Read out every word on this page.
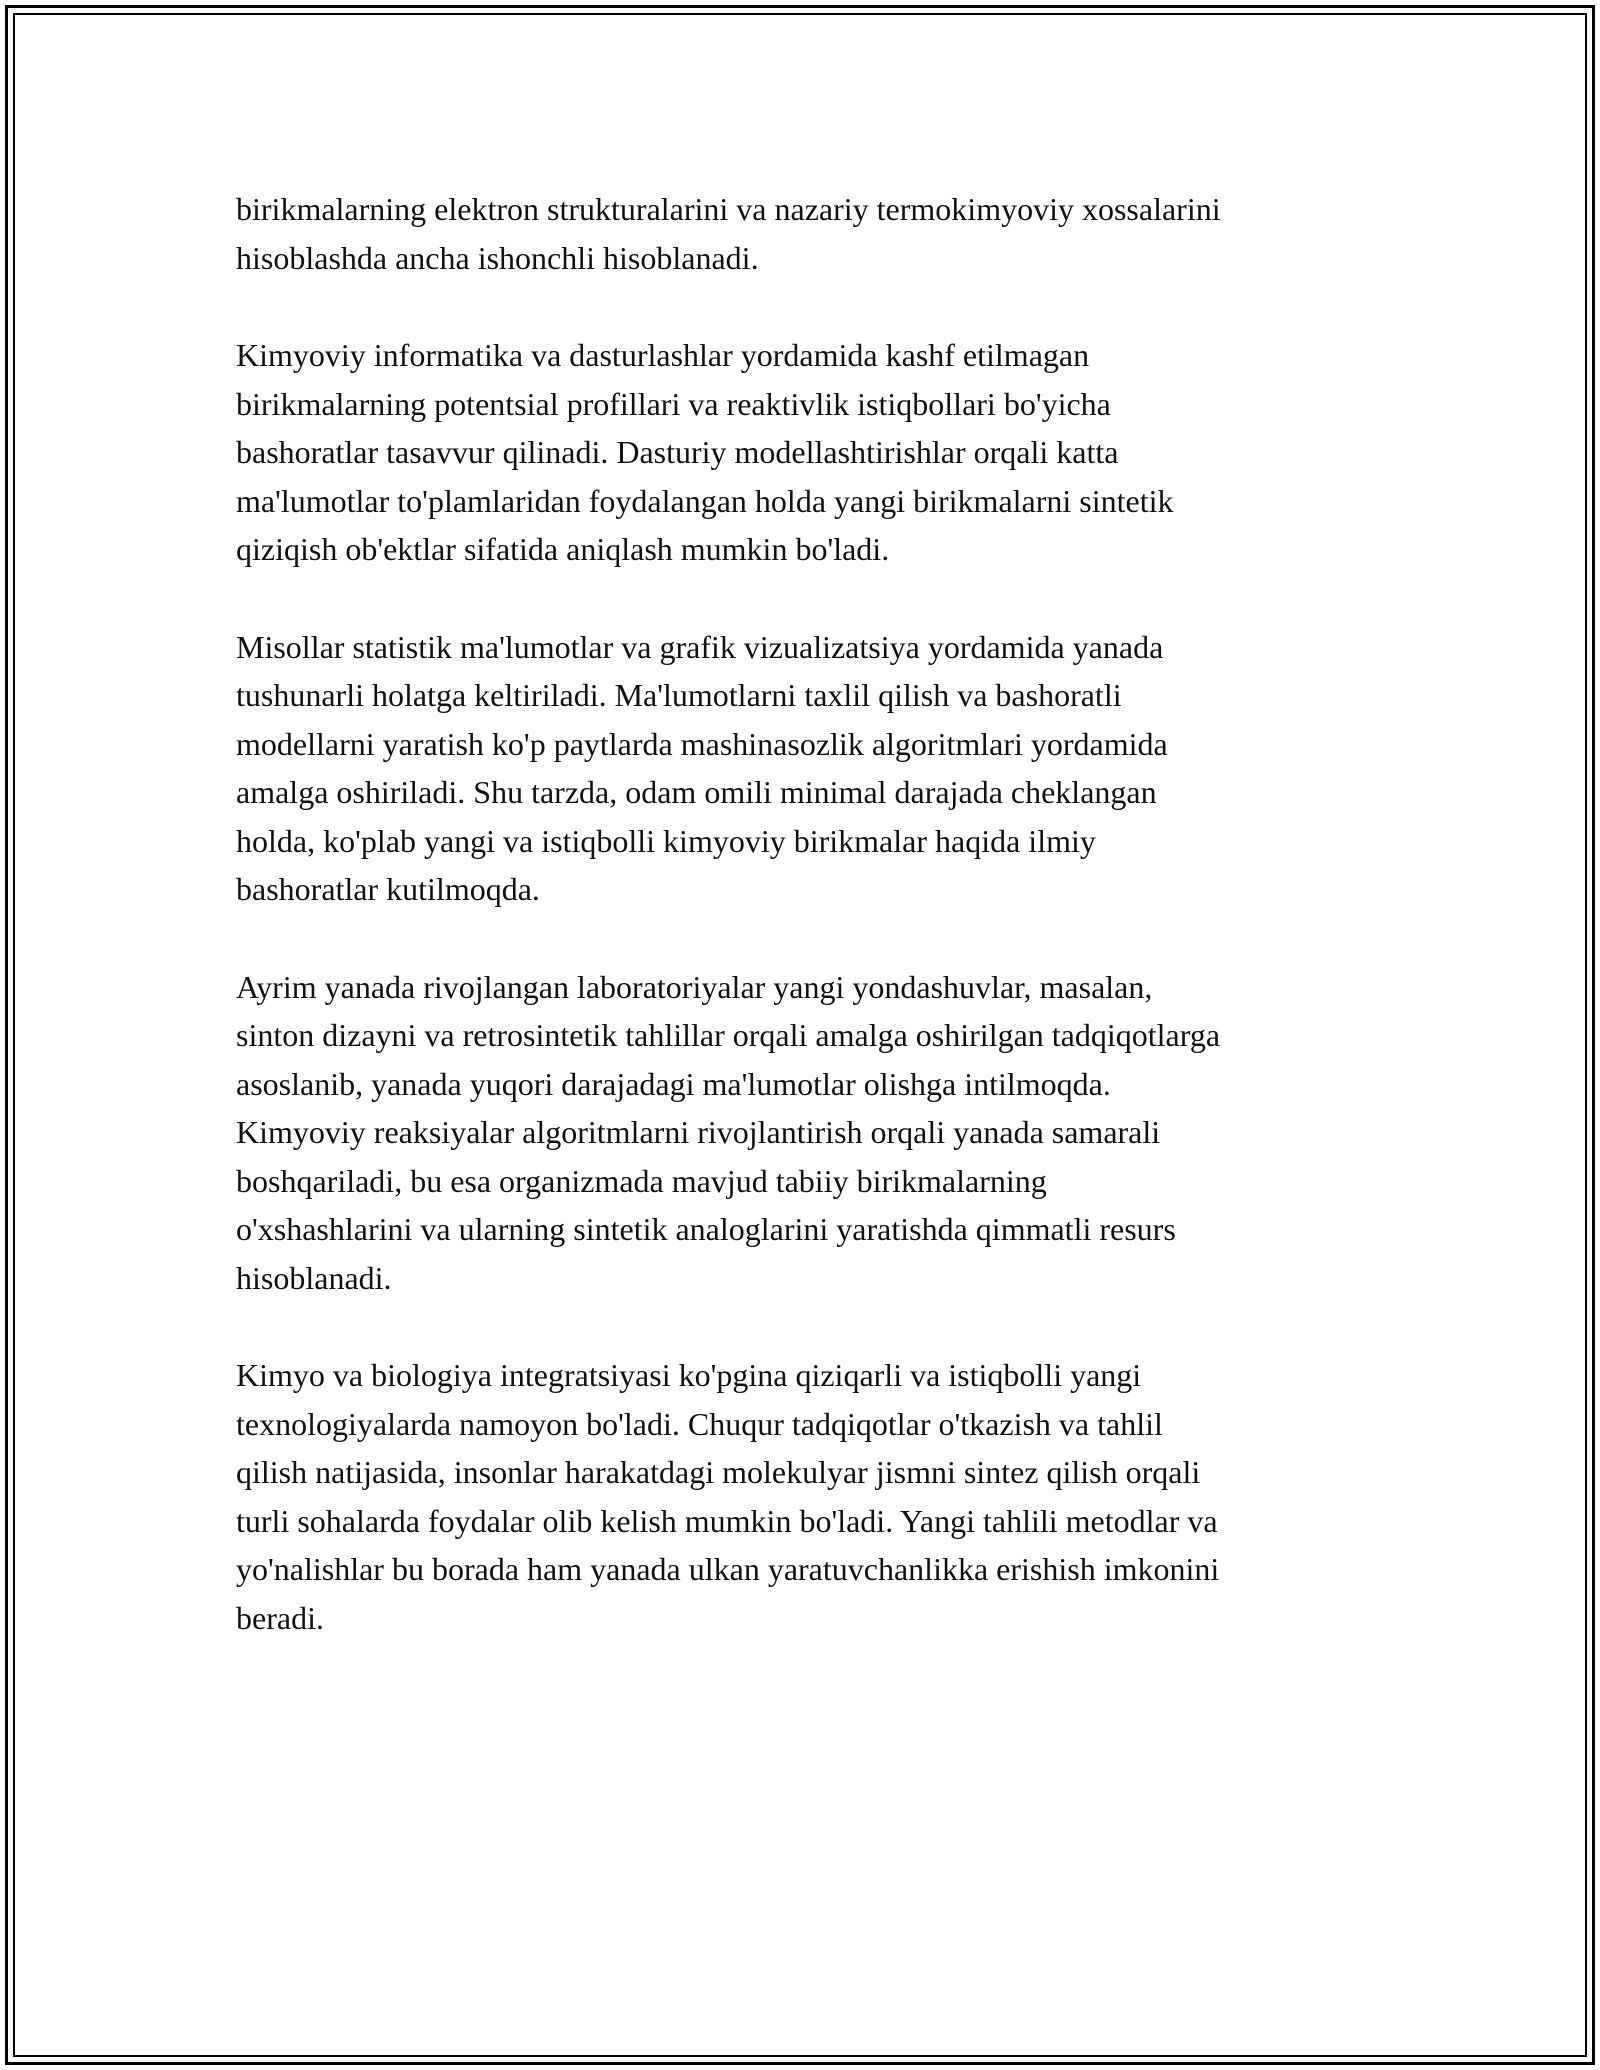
birikmalarning elektron strukturalarini va nazariy termokimyoviy xossalarini
hisoblashda ancha ishonchli hisoblanadi.

Kimyoviy informatika va dasturlashlar yordamida kashf etilmagan
birikmalarning potentsial profillari va reaktivlik istiqbollari bo'yicha
bashoratlar tasavvur qilinadi. Dasturiy modellashtirishlar orqali katta
ma'lumotlar to'plamlaridan foydalangan holda yangi birikmalarni sintetik
qiziqish ob'ektlar sifatida aniqlash mumkin bo'ladi.

Misollar statistik ma'lumotlar va grafik vizualizatsiya yordamida yanada
tushunarli holatga keltiriladi. Ma'lumotlarni taxlil qilish va bashoratli
modellarni yaratish ko'p paytlarda mashinasozlik algoritmlari yordamida
amalga oshiriladi. Shu tarzda, odam omili minimal darajada cheklangan
holda, ko'plab yangi va istiqbolli kimyoviy birikmalar haqida ilmiy
bashoratlar kutilmoqda.

Ayrim yanada rivojlangan laboratoriyalar yangi yondashuvlar, masalan,
sinton dizayni va retrosintetik tahlillar orqali amalga oshirilgan tadqiqotlarga
asoslanib, yanada yuqori darajadagi ma'lumotlar olishga intilmoqda.
Kimyoviy reaksiyalar algoritmlarni rivojlantirish orqali yanada samarali
boshqariladi, bu esa organizmada mavjud tabiiy birikmalarning
o'xshashlarini va ularning sintetik analoglarini yaratishda qimmatli resurs
hisoblanadi.

Kimyo va biologiya integratsiyasi ko'pgina qiziqarli va istiqbolli yangi
texnologiyalarda namoyon bo'ladi. Chuqur tadqiqotlar o'tkazish va tahlil
qilish natijasida, insonlar harakatdagi molekulyar jismni sintez qilish orqali
turli sohalarda foydalar olib kelish mumkin bo'ladi. Yangi tahlili metodlar va
yo'nalishlar bu borada ham yanada ulkan yaratuvchanlikka erishish imkonini
beradi.
